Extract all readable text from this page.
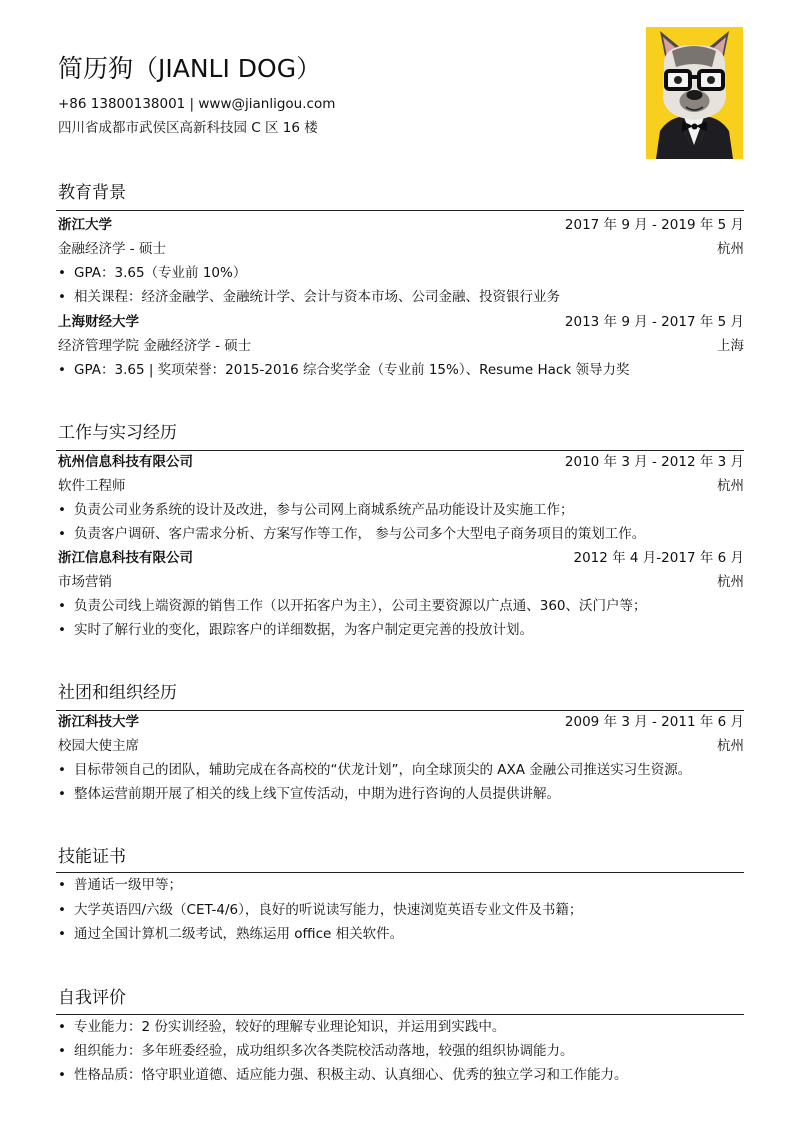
简历狗（JIANLI DOG）
+86 13800138001 | www@jianligou.com
四川省成都市武侯区高新科技园 C 区 16 楼
教育背景
浙江大学	2017 年 9 月 - 2019 年 5 月
金融经济学 - 硕士	杭州
• GPA：3.65（专业前 10%）
• 相关课程：经济金融学、金融统计学、会计与资本市场、公司金融、投资银行业务
上海财经大学	2013 年 9 月 - 2017 年 5 月
经济管理学院 金融经济学 - 硕士	上海
• GPA：3.65 | 奖项荣誉：2015-2016 综合奖学金（专业前 15%）、Resume Hack 领导力奖
工作与实习经历
杭州信息科技有限公司	2010 年 3 月 - 2012 年 3 月
软件工程师	杭州
• 负责公司业务系统的设计及改进，参与公司网上商城系统产品功能设计及实施工作；
• 负责客户调研、客户需求分析、方案写作等工作， 参与公司多个大型电子商务项目的策划工作。
浙江信息科技有限公司	2012 年 4 月-2017 年 6 月
市场营销	杭州
• 负责公司线上端资源的销售工作（以开拓客户为主），公司主要资源以广点通、360、沃门户等；
• 实时了解行业的变化，跟踪客户的详细数据，为客户制定更完善的投放计划。
社团和组织经历
浙江科技大学	2009 年 3 月 - 2011 年 6 月
校园大使主席	杭州
• 目标带领自己的团队，辅助完成在各高校的“伏龙计划”，向全球顶尖的 AXA 金融公司推送实习生资源。
• 整体运营前期开展了相关的线上线下宣传活动，中期为进行咨询的人员提供讲解。
技能证书
• 普通话一级甲等；
• 大学英语四/六级（CET-4/6），良好的听说读写能力，快速浏览英语专业文件及书籍；
• 通过全国计算机二级考试，熟练运用 office 相关软件。
自我评价
• 专业能力：2 份实训经验，较好的理解专业理论知识，并运用到实践中。
• 组织能力：多年班委经验，成功组织多次各类院校活动落地，较强的组织协调能力。
• 性格品质：恪守职业道德、适应能力强、积极主动、认真细心、优秀的独立学习和工作能力。
